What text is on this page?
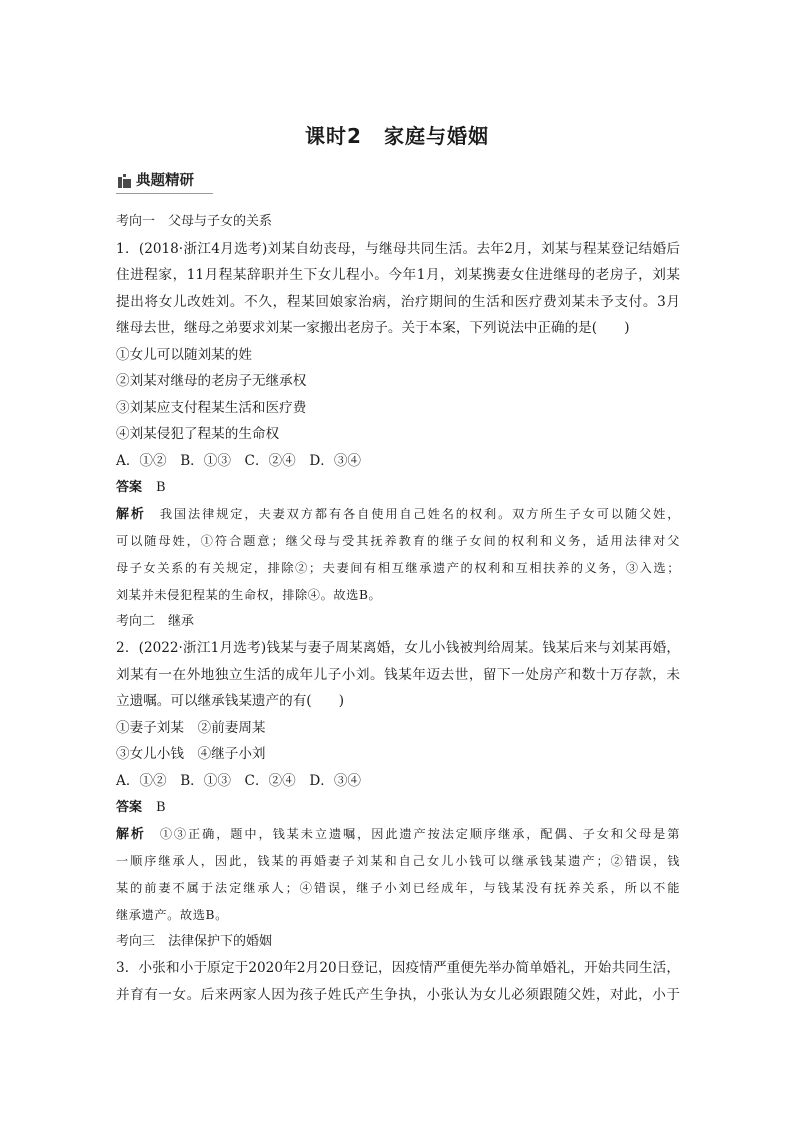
课时2 家庭与婚姻
典题精研
考向一　父母与子女的关系
1．(2018·浙江4月选考)刘某自幼丧母，与继母共同生活。去年2月，刘某与程某登记结婚后
住进程家，11月程某辞职并生下女儿程小。今年1月，刘某携妻女住进继母的老房子，刘某
提出将女儿改姓刘。不久，程某回娘家治病，治疗期间的生活和医疗费刘某未予支付。3月
继母去世，继母之弟要求刘某一家搬出老房子。关于本案，下列说法中正确的是(　　)
①女儿可以随刘某的姓
②刘某对继母的老房子无继承权
③刘某应支付程某生活和医疗费
④刘某侵犯了程某的生命权
A．①②　B．①③　C．②④　D．③④
答案 B
解析 我国法律规定，夫妻双方都有各自使用自己姓名的权利。双方所生子女可以随父姓，
可以随母姓，①符合题意；继父母与受其抚养教育的继子女间的权利和义务，适用法律对父
母子女关系的有关规定，排除②；夫妻间有相互继承遗产的权利和互相扶养的义务，③入选；
刘某并未侵犯程某的生命权，排除④。故选B。
考向二　继承
2．(2022·浙江1月选考)钱某与妻子周某离婚，女儿小钱被判给周某。钱某后来与刘某再婚，
刘某有一在外地独立生活的成年儿子小刘。钱某年迈去世，留下一处房产和数十万存款，未
立遗嘱。可以继承钱某遗产的有(　　)
①妻子刘某　②前妻周某
③女儿小钱　④继子小刘
A．①②　B．①③　C．②④　D．③④
答案 B
解析 ①③正确，题中，钱某未立遗嘱，因此遗产按法定顺序继承，配偶、子女和父母是第
一顺序继承人，因此，钱某的再婚妻子刘某和自己女儿小钱可以继承钱某遗产；②错误，钱
某的前妻不属于法定继承人；④错误，继子小刘已经成年，与钱某没有抚养关系，所以不能
继承遗产。故选B。
考向三　法律保护下的婚姻
3．小张和小于原定于2020年2月20日登记，因疫情严重便先举办简单婚礼，开始共同生活，
并育有一女。后来两家人因为孩子姓氏产生争执，小张认为女儿必须跟随父姓，对此，小于
